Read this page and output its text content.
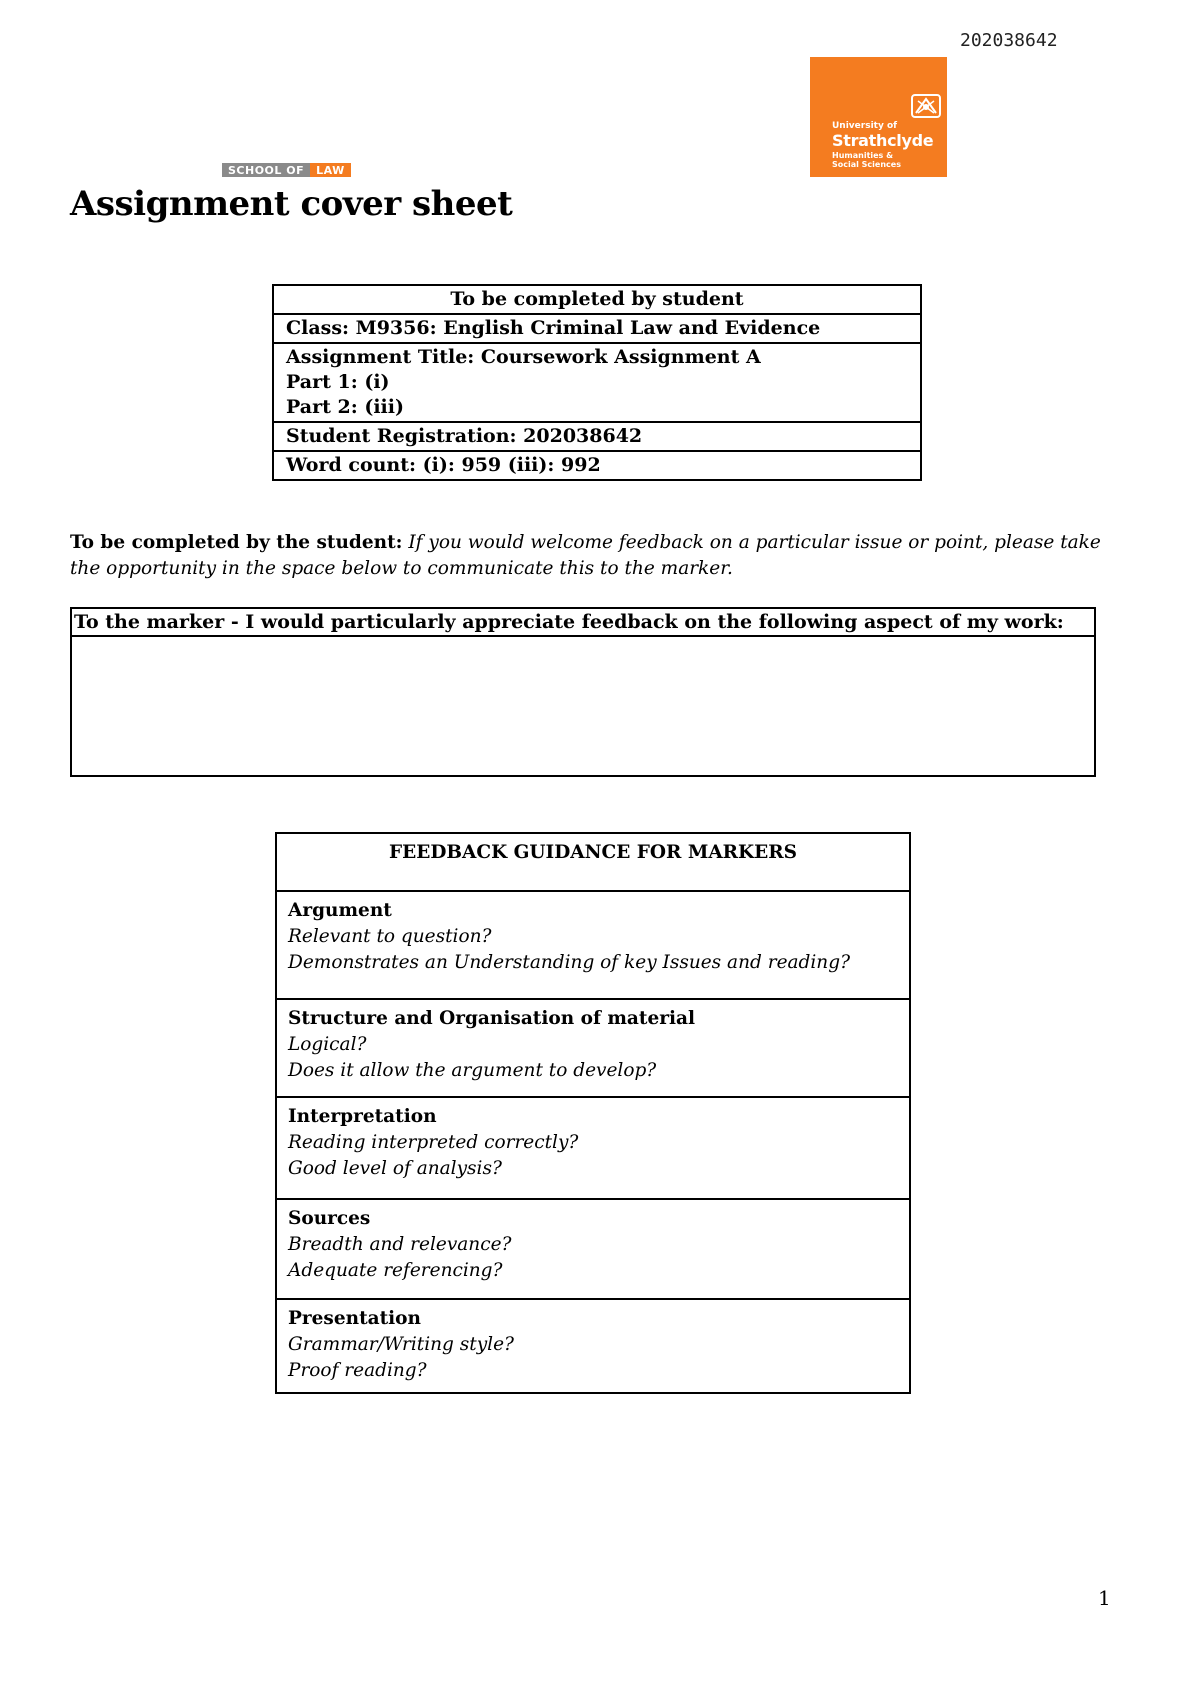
202038642
SCHOOL OF	LAW
University of
Strathclyde
Humanities &
Social Sciences
Assignment cover sheet
To be completed by student
Class: M9356: English Criminal Law and Evidence

Assignment Title: Coursework Assignment A
Part 1: (i)
Part 2: (iii)

Student Registration: 202038642
Word count: (i): 959 (iii): 992
To be completed by the student: If you would welcome feedback on a particular issue or point, please take the opportunity in the space below to communicate this to the marker.
To the marker - I would particularly appreciate feedback on the following aspect of my work:
FEEDBACK GUIDANCE FOR MARKERS

Argument
Relevant to question?
Demonstrates an Understanding of key Issues and reading?

Structure and Organisation of material
Logical?
Does it allow the argument to develop?

Interpretation
Reading interpreted correctly?
Good level of analysis?

Sources
Breadth and relevance?
Adequate referencing?

Presentation
Grammar/Writing style?
Proof reading?
1
